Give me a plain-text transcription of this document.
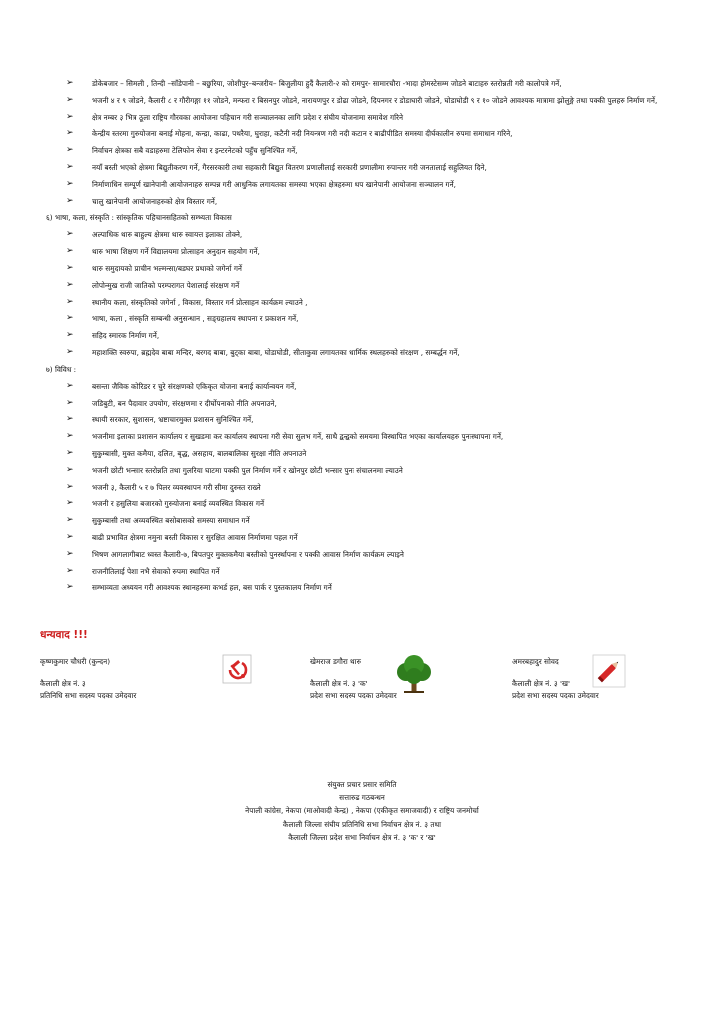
➢	डोकेबजार – सिमली , तिन्दी –साँडेपानी – बछुरिया, जोशीपुर–बन्जरीय– बिजुलीया हुदैं कैलारी-२ को रामपुर- सामारचौरा -भादा होमस्टेसम्म जोडने बाटाहरु स्तरोन्नती गरी कालोपत्रे गर्ने,
➢	भजनी ४ र ९ जोडने, कैलारी ८ र गौरीगङ्गा ११ जोडने, मन्फरा र बिसनपुर जोडने, नारायणपुर र डोढा जोडने, दिपनगर र डोडाघारी जोडने, घोडाघोडी ९ र १० जोडने आवश्यक मात्रामा झोलुङ्गे तथा पक्की पुलहरु निर्माण गर्ने,
➢	क्षेत्र नम्बर ३ भित्र ठूला राष्ट्रिय गौरवका आयोजना पहिचान गरी सञ्चालनका लागि प्रदेश र संघीय योजनामा समावेश गरिने
➢	केन्द्रीय स्तरमा गुरुयोजना बनाई मोहना, कन्द्रा, काढा, पथरैया, घुराहा, कटैनी नदी नियन्त्रण गरी नदी कटान र बाढीपीडित समस्या दीर्घकालीन रुपमा समाधान गरिने,
➢	निर्वाचन क्षेत्रका सबै वडाहरुमा टेलिफोन सेवा र इन्टरनेटको पहुँच सुनिश्चित गर्ने,
➢	नयाँ बस्ती भएको क्षेत्रमा बिद्युतीकरण गर्ने, गैरसरकारी तथा सहकारी बिद्युत वितरण प्रणालीलाई सरकारी प्रणालीमा रुपान्तर गरी जनतालाई सहुलियत दिने,
➢	निर्माणाधिन सम्पूर्ण खानेपानी आयोजनाहरु सम्पन्न गरी आधुनिक लगायतका समस्या भएका क्षेत्रहरुमा थप खानेपानी आयोजना सञ्चालन गर्ने,
➢	चालु खानेपानी आयोजनाहरुको क्षेत्र विस्तार गर्ने,
६) भाषा, कला, संस्कृति : सांस्कृतिक पहिचानसहितको सम्भ्यता विकास
➢	अल्पाधिक थारु बाहुल्य क्षेत्रमा थारु स्वायत्त इलाका तोक्ने,
➢	थारु भाषा शिक्षण गर्ने विद्यालयमा प्रोत्साहन अनुदान सहयोग गर्ने,
➢	थारु समुदायको प्राचीन भल्मन्सा/बडघर प्रथाको जगेर्ना गर्ने
➢	लोपोन्मुख राजी जातिको परम्परागत पेशालाई संरक्षण गर्ने
➢	स्थानीय कला, संस्कृतिको जगेर्ना , विकास, विस्तार गर्न प्रोत्साहन कार्यक्रम ल्याउने ,
➢	भाषा, कला , संस्कृति सम्बन्धी अनुसन्धान , सङ्ग्रहालय स्थापना र प्रकाशन गर्ने,
➢	सहिद स्मारक निर्माण गर्ने,
➢	महाशक्ति स्वरुपा, ब्रह्मदेव बाबा मन्दिर, बरगद बाबा, बुट्का बाबा, घोडाघोडी, सीताकुवा लगायतका धार्मिक स्थलहरुको संरक्षण , सम्बर्द्धन गर्ने,
७) विविध :
➢	बसन्ता जैविक कोरिडर र चुरे संरक्षणको एकिकृत योजना बनाई कार्यान्वयन गर्ने,
➢	जडिबुटी, बन पैदावार उपयोग, संरक्षणमा र दीर्घोपनाको नीति अपनाउने,
➢	स्थायी सरकार, सुशासन, भ्रष्टाचारमुक्त प्रशासन सुनिश्चित गर्ने,
➢	भजनीमा इलाका प्रशासन कार्यालय र सुखडमा कर कार्यालय स्थापना गरी सेवा सुलभ गर्ने, साथै द्वन्द्वको समयमा विस्थापित भएका कार्यालयहरु पुनःस्थापना गर्ने,
➢	सुकुम्बासी, मुक्त कमैया, दलित, बृद्ध, असहाय, बालबालिका सुरक्षा नीति अपनाउने
➢	भजनी छोटी भन्सार स्तरोन्नति तथा गुलरिया घाटमा पक्की पुल निर्माण गर्ने र खोनपुर छोटी भन्सार पुनः संचालनमा ल्याउने
➢	भजनी ३, कैलारी ५ र ७ पिलर व्यवस्थापन गरी सीमा दुरुस्त राख्ने
➢	भजनी र हसुलिया बजारको गुरुयोजना बनाई व्यवस्थित विकास गर्ने
➢	सुकुम्बासी तथा अव्यवस्थित बसोबासको समस्या समाधान गर्ने
➢	बाढी प्रभावित क्षेत्रमा नमुना बस्ती विकास र सुरक्षित आवास निर्माणमा पहल गर्ने
➢	भिषण आगलागीबाट ध्वस्त कैलारी-७, बिपतपुर मुक्तकमैया बस्तीको पुनर्स्थापना र पक्की आवास निर्माण कार्यक्रम ल्याइने
➢	राजनीतिलाई पेशा नभै सेवाको रुपमा स्थापित गर्ने
➢	सम्भाव्यता अध्ययन गरी आवश्यक स्थानहरुमा कभर्ड हल, बस पार्क र पुस्तकालय निर्माण गर्ने
धन्यवाद !!!
कृष्णकुमार चौधरी (कुन्दन)
कैलाली क्षेत्र नं. ३
प्रतिनिधि सभा सदस्य पदका उमेदवार
खेमराज डगौरा थारु
कैलाली क्षेत्र नं. ३ 'क'
प्रदेश सभा सदस्य पदका उमेदवार
अमरबहादुर सोवद
कैलाली क्षेत्र नं. ३ 'ख'
प्रदेश सभा सदस्य पदका उमेदवार
संयुक्त प्रचार प्रसार समिति
सत्तारुढ गठबन्धन
नेपाली कांग्रेस, नेकपा (माओवादी केन्द्र) , नेकपा (एकीकृत समाजवादी) र राष्ट्रिय जनमोर्चा
कैलाली जिल्ला संघीय प्रतिनिधि सभा निर्वाचन क्षेत्र नं. ३ तथा
कैलाली जिल्ला प्रदेश सभा निर्वाचन क्षेत्र नं. ३ 'क' र 'ख'
